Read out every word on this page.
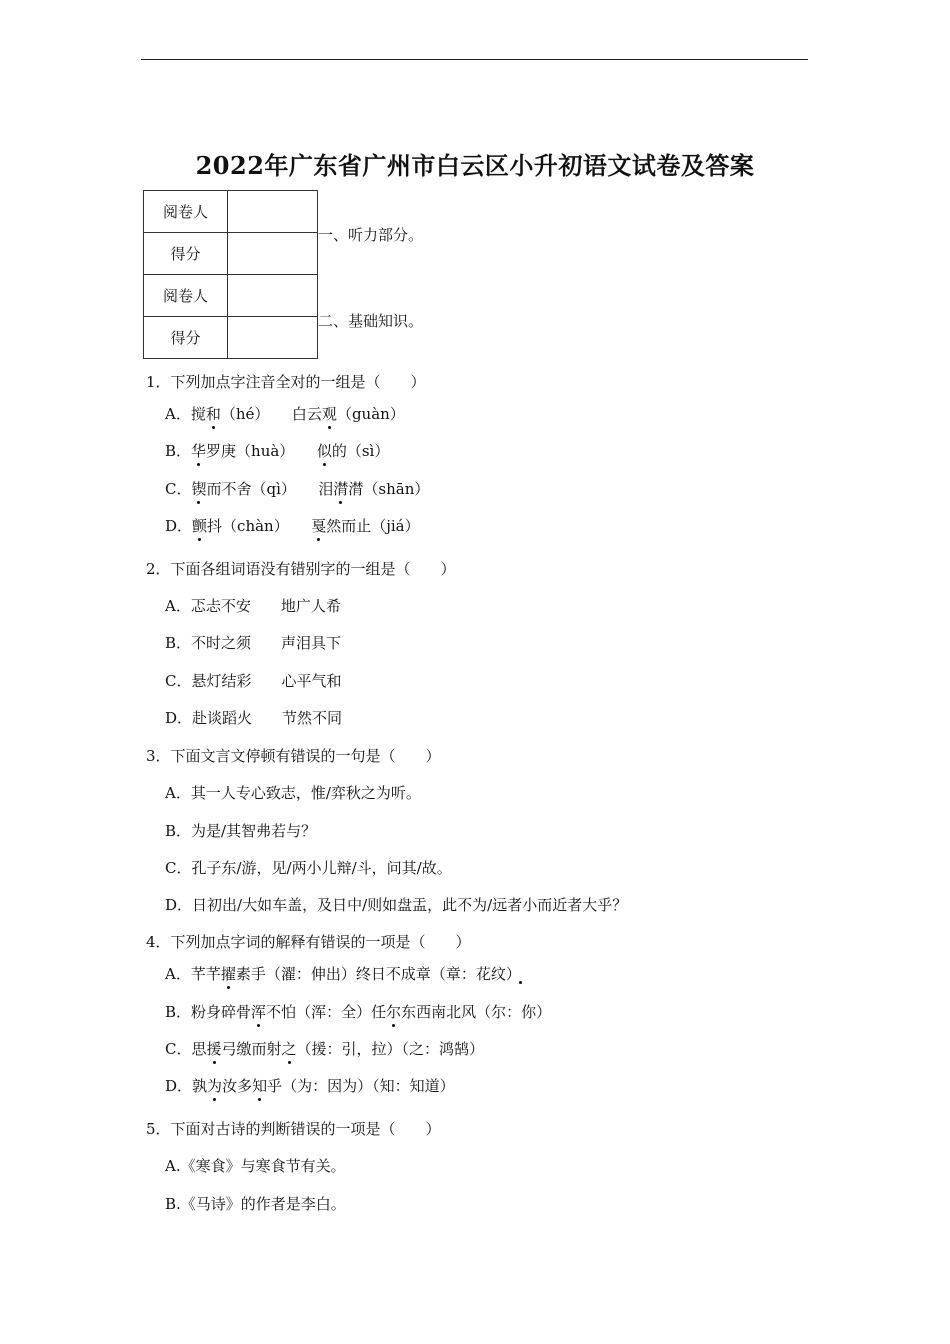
2022年广东省广州市白云区小升初语文试卷及答案
阅卷人	
得分	
阅卷人	
得分	
一、听力部分。
二、基础知识。
1．下列加点字注音全对的一组是（　　）
A．搅和（hé）　　白云观（guàn）
B．华罗庚（huà）　　似的（sì）
C．锲而不舍（qì）　　泪潸潸（shān）
D．颤抖（chàn）　　戛然而止（jiá）
2．下面各组词语没有错别字的一组是（　　）
A．忑忐不安　　地广人希
B．不时之须　　声泪具下
C．悬灯结彩　　心平气和
D．赴谈蹈火　　节然不同
3．下面文言文停顿有错误的一句是（　　）
A．其一人专心致志，惟/弈秋之为听。
B．为是/其智弗若与？
C．孔子东/游，见/两小儿辩/斗，问其/故。
D．日初出/大如车盖，及日中/则如盘盂，此不为/远者小而近者大乎？
4．下列加点字词的解释有错误的一项是（　　）
A．芊芊擢素手（濯：伸出）终日不成章（章：花纹）
B．粉身碎骨浑不怕（浑：全）任尔东西南北风（尔：你）
C．思援弓缴而射之（援：引，拉）（之：鸿鹄）
D．孰为汝多知乎（为：因为）（知：知道）
5．下面对古诗的判断错误的一项是（　　）
A.《寒食》与寒食节有关。
B.《马诗》的作者是李白。
